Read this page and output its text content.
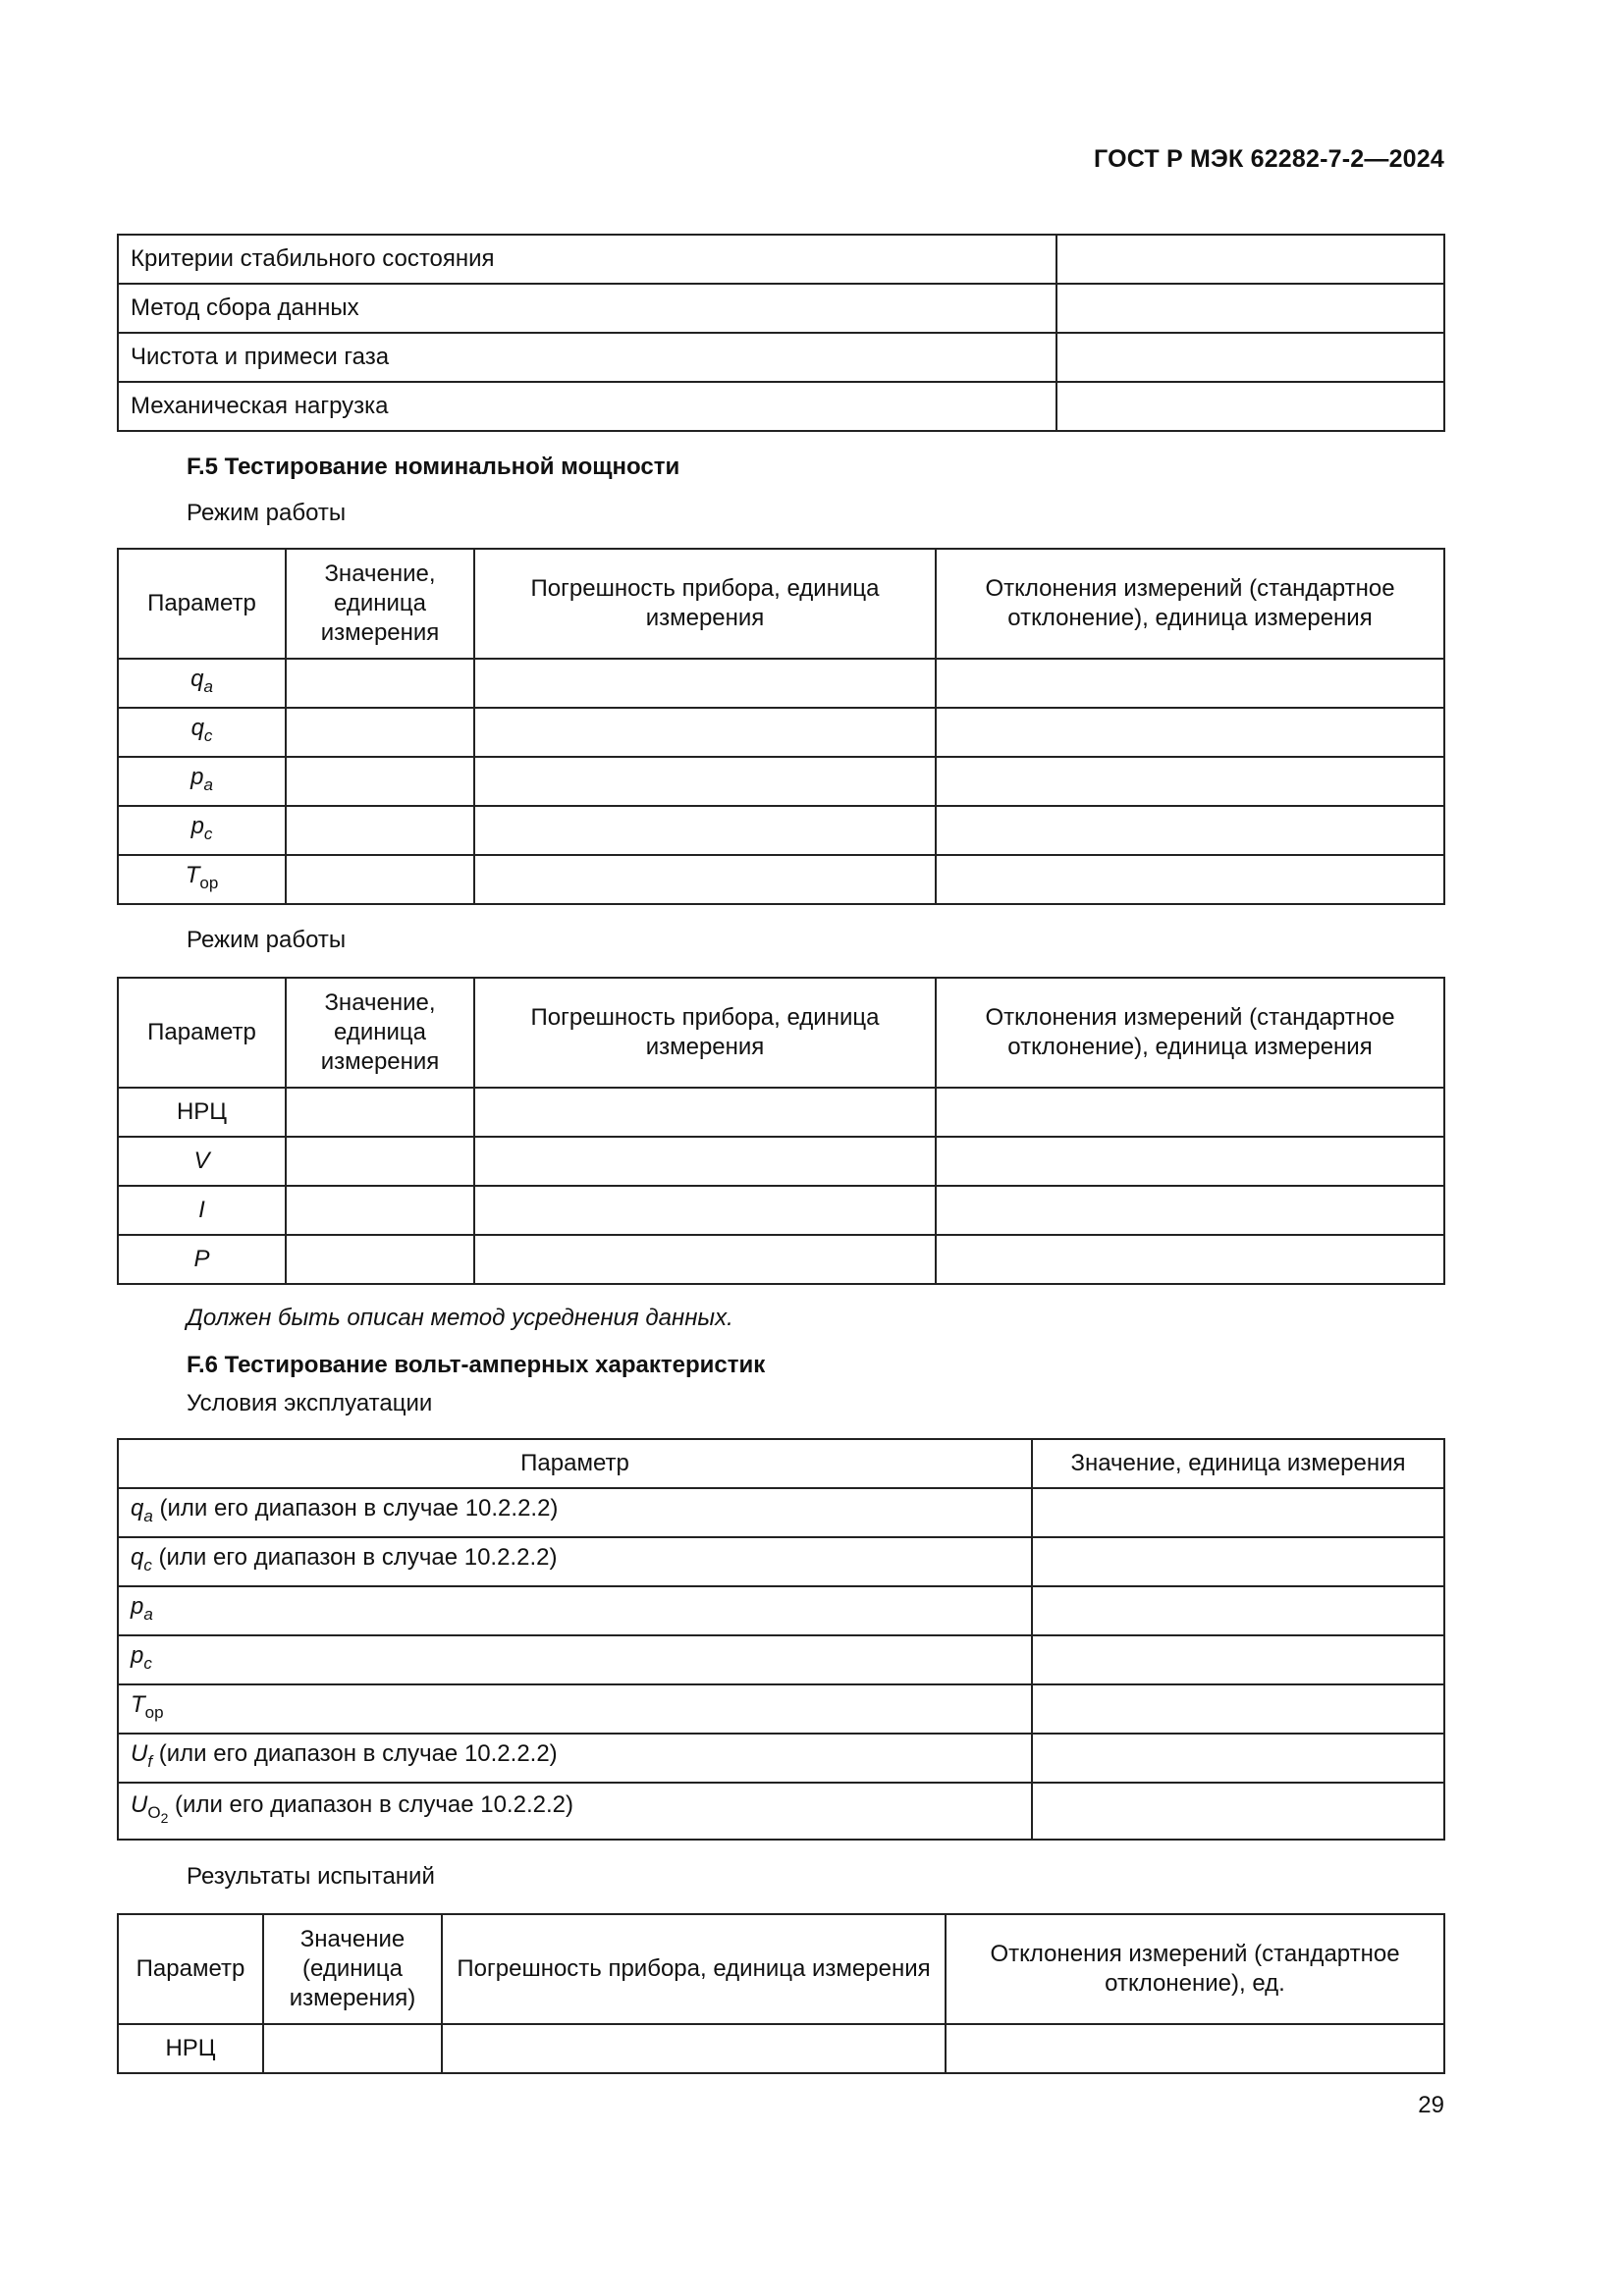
ГОСТ Р МЭК 62282-7-2—2024
Критерии стабильного состояния	
Метод сбора данных	
Чистота и примеси газа	
Механическая нагрузка	
F.5 Тестирование номинальной мощности
Режим работы
Параметр	Значение, единица измерения	Погрешность прибора, единица измерения	Отклонения измерений (стандартное отклонение), единица измерения
$q_a$			
$q_c$			
$p_a$			
$p_c$			
$T_{op}$			
Режим работы
Параметр	Значение, единица измерения	Погрешность прибора, единица измерения	Отклонения измерений (стандартное отклонение), единица измерения
НРЦ			
V			
I			
P			
Должен быть описан метод усреднения данных.
F.6 Тестирование вольт-амперных характеристик
Условия эксплуатации
Параметр	Значение, единица измерения
$q_a$ (или его диапазон в случае 10.2.2.2)	
$q_c$ (или его диапазон в случае 10.2.2.2)	
$p_a$	
$p_c$	
$T_{op}$	
$U_f$ (или его диапазон в случае 10.2.2.2)	
$U_{O_2}$ (или его диапазон в случае 10.2.2.2)	
Результаты испытаний
Параметр	Значение (единица измерения)	Погрешность прибора, единица измерения	Отклонения измерений (стандартное отклонение), ед.
НРЦ			
29
